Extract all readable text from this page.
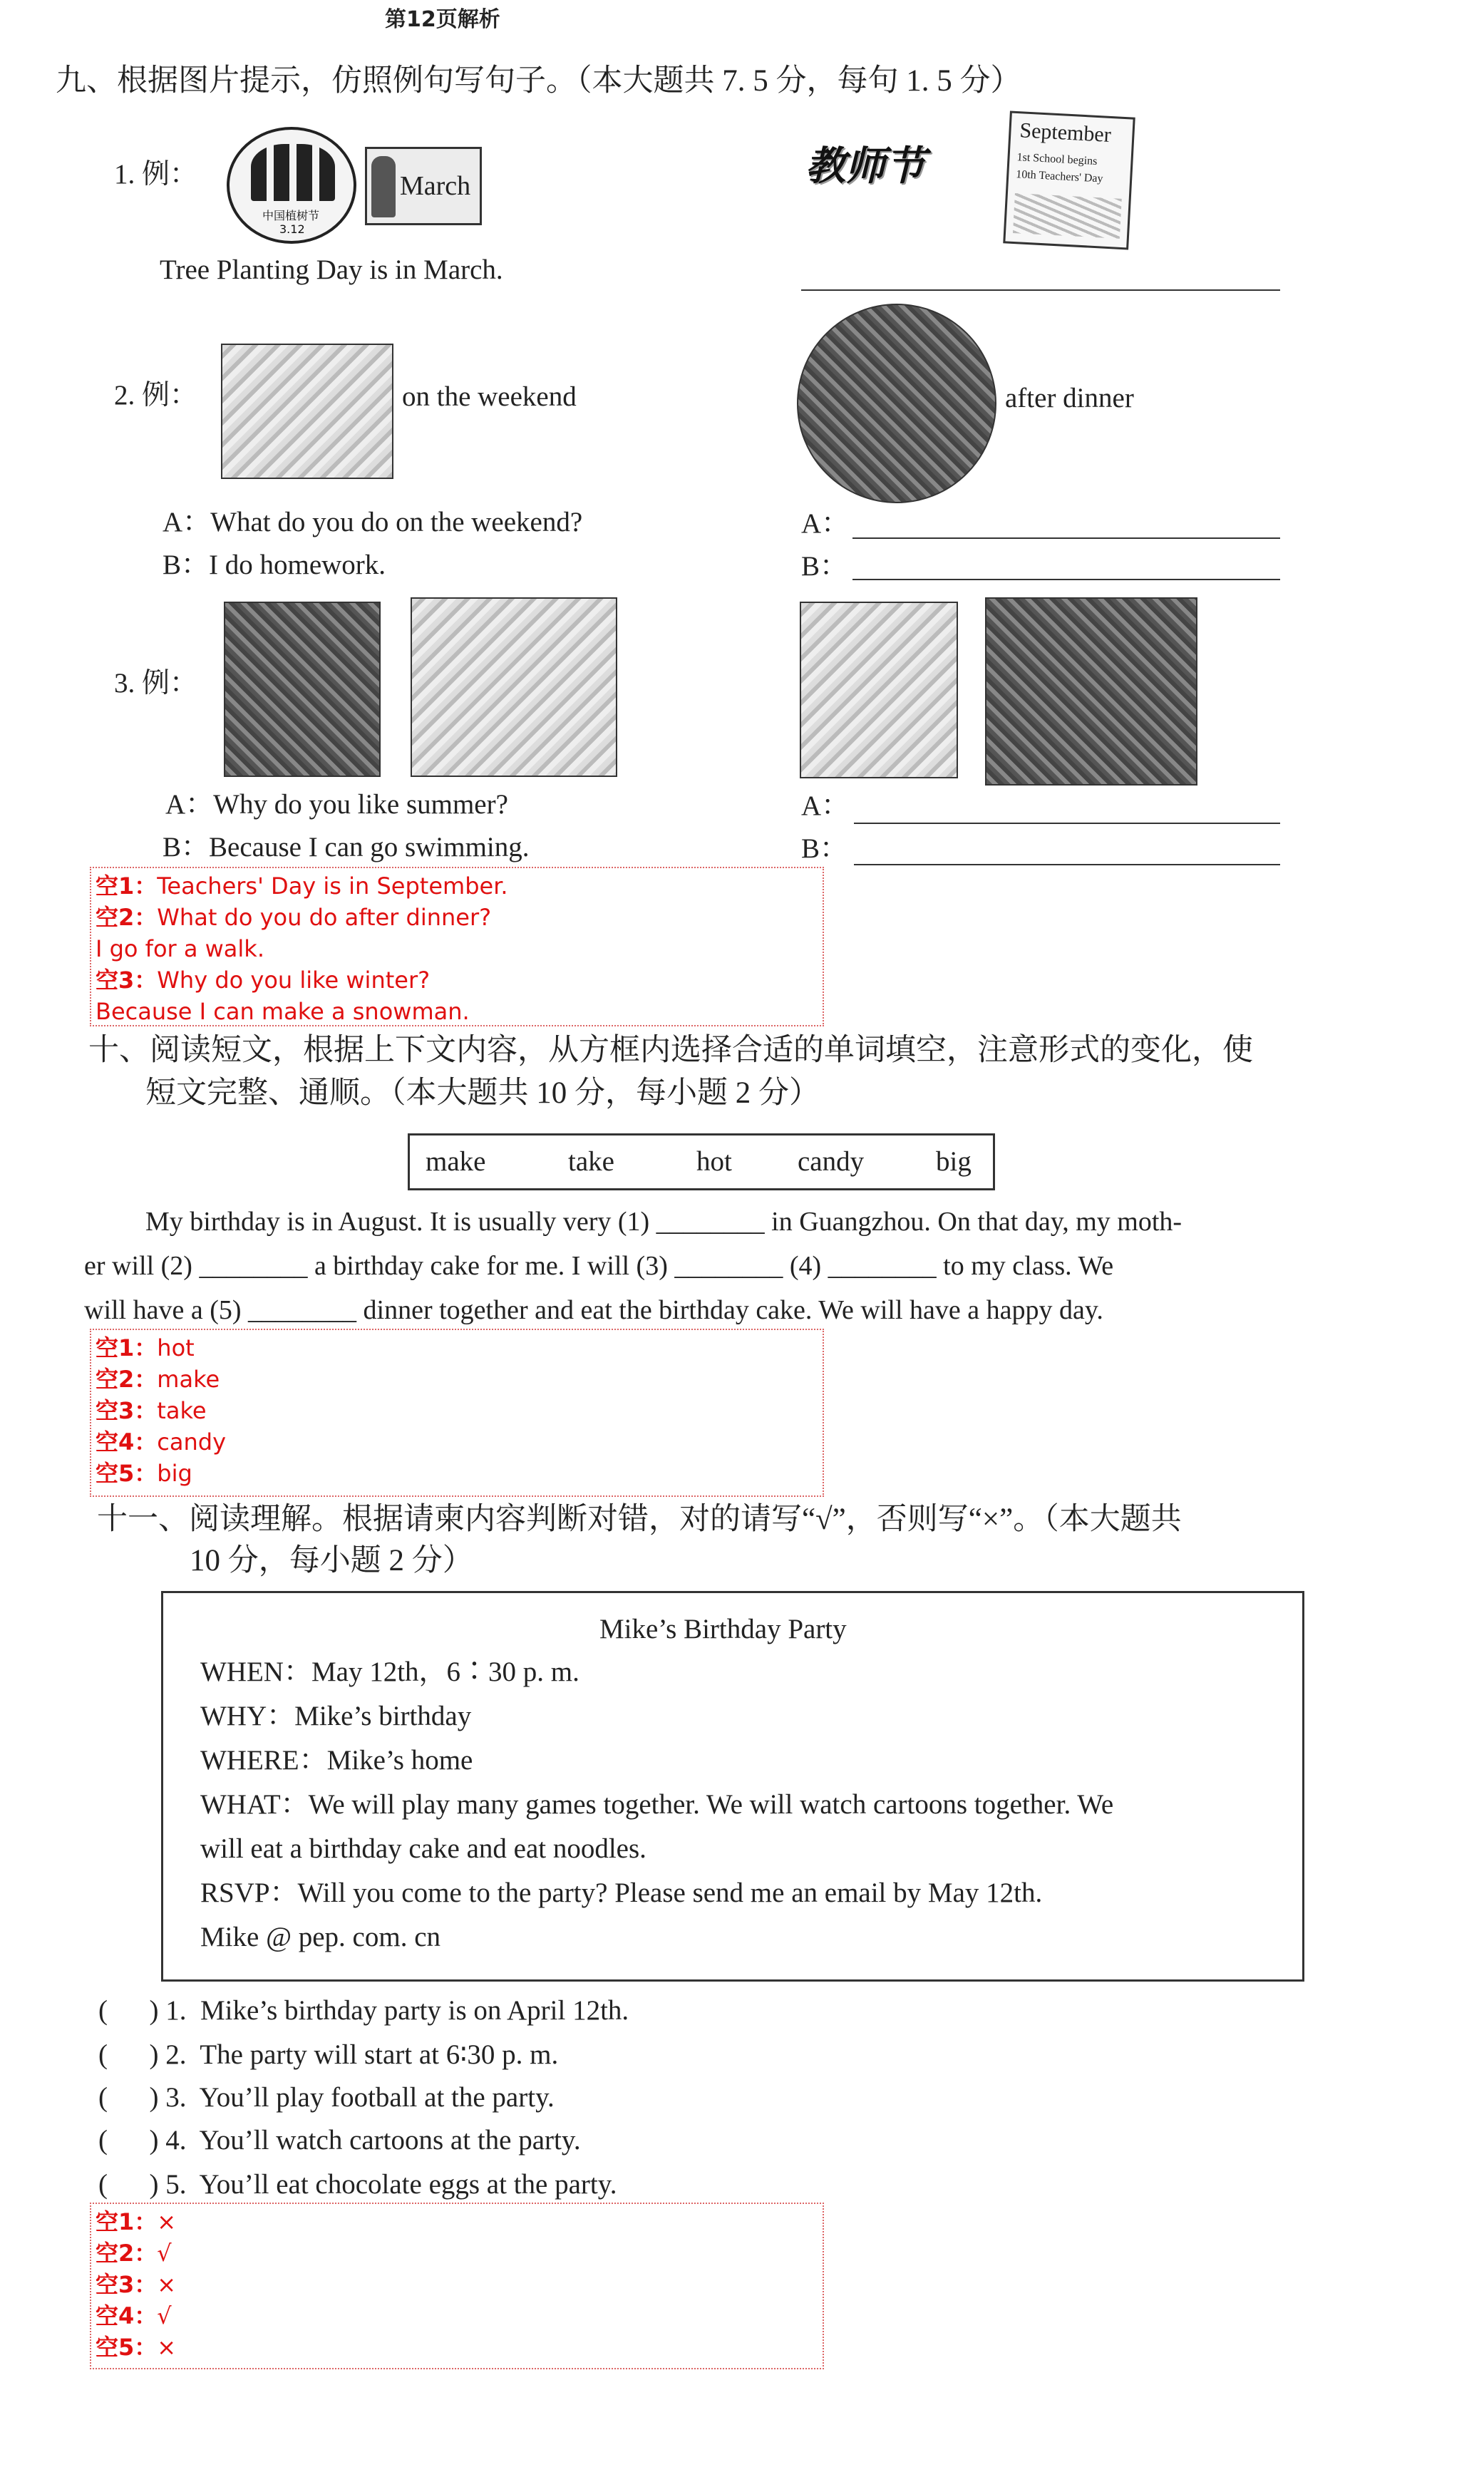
第12页解析
九、根据图片提示，仿照例句写句子。（本大题共 7. 5 分，每句 1. 5 分）
1. 例：
中国植树节
3.12
March
Tree Planting Day is in March.
教师节
September
1st School begins
10th Teachers' Day
2. 例：	on the weekend	after dinner
A：What do you do on the weekend?
B：I do homework.
A：
B：
3. 例：
A：Why do you like summer?
B：Because I can go swimming.
A：
B：
空1：Teachers' Day is in September.
空2：What do you do after dinner?
I go for a walk.
空3：Why do you like winter?
Because I can make a snowman.
十、阅读短文，根据上下文内容，从方框内选择合适的单词填空，注意形式的变化，使
短文完整、通顺。（本大题共 10 分，每小题 2 分）
make	take	hot candy	big
My birthday is in August. It is usually very (1) ________ in Guangzhou. On that day, my moth-
er will (2) ________ a birthday cake for me. I will (3) ________ (4) ________ to my class. We
will have a (5) ________ dinner together and eat the birthday cake. We will have a happy day.
空1：hot
空2：make
空3：take
空4：candy
空5：big
十一、阅读理解。根据请柬内容判断对错，对的请写“√”，否则写“×”。（本大题共
10 分，每小题 2 分）
Mike’s Birthday Party
WHEN：May 12th，6∶30 p. m.
WHY：Mike’s birthday
WHERE：Mike’s home
WHAT：We will play many games together. We will watch cartoons together. We
will eat a birthday cake and eat noodles.
RSVP：Will you come to the party? Please send me an email by May 12th.
Mike @ pep. com. cn
(      ) 1.  Mike’s birthday party is on April 12th.
(      ) 2.  The party will start at 6∶30 p. m.
(      ) 3.  You’ll play football at the party.
(      ) 4.  You’ll watch cartoons at the party.
(      ) 5.  You’ll eat chocolate eggs at the party.
空1：×
空2：√
空3：×
空4：√
空5：×
